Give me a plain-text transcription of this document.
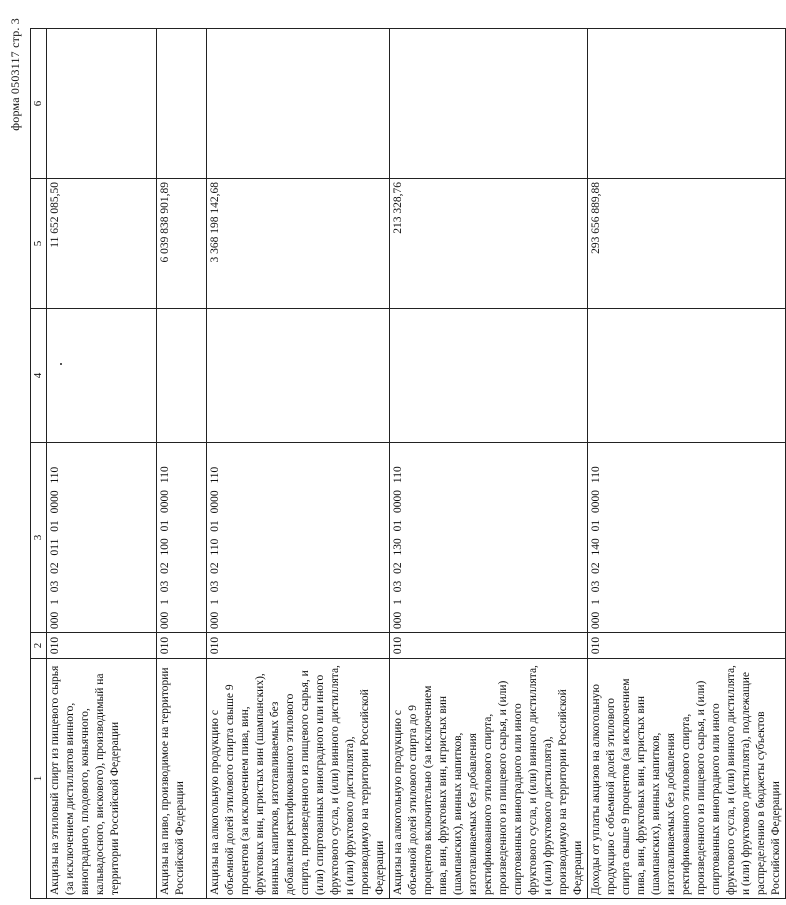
форма 0503117 стр. 3
1	2	3	4	5	6
Акцизы на этиловый спирт из пищевого сырья (за исключением дистиллятов винного, виноградного, плодового, коньячного, кальвадосного, вискового), производимый на территории Российской Федерации	010	000 1 03 02 011 01 0000 110		11 652 085,50	
Акцизы на пиво, производимое на территории Российской Федерации	010	000 1 03 02 100 01 0000 110		6 039 838 901,89	
Акцизы на алкогольную продукцию с объемной долей этилового спирта свыше 9 процентов (за исключением пива, вин, фруктовых вин, игристых вин (шампанских), винных напитков, изготавливаемых без добавления ректификованного этилового спирта, произведенного из пищевого сырья, и (или) спиртованных виноградного или иного фруктового сусла, и (или) винного дистиллята, и (или) фруктового дистиллята), производимую на территории Российской Федерации	010	000 1 03 02 110 01 0000 110		3 368 198 142,68	
Акцизы на алкогольную продукцию с объемной долей этилового спирта до 9 процентов включительно (за исключением пива, вин, фруктовых вин, игристых вин (шампанских), винных напитков, изготавливаемых без добавления ректификованного этилового спирта, произведенного из пищевого сырья, и (или) спиртованных виноградного или иного фруктового сусла, и (или) винного дистиллята, и (или) фруктового дистиллята), производимую на территории Российской Федерации	010	000 1 03 02 130 01 0000 110		213 328,76	
Доходы от уплаты акцизов на алкогольную продукцию с объемной долей этилового спирта свыше 9 процентов (за исключением пива, вин, фруктовых вин, игристых вин (шампанских), винных напитков, изготавливаемых без добавления ректификованного этилового спирта, произведенного из пищевого сырья, и (или) спиртованных виноградного или иного фруктового сусла, и (или) винного дистиллята, и (или) фруктового дистиллята), подлежащие распределению в бюджеты субъектов Российской Федерации	010	000 1 03 02 140 01 0000 110		293 656 889,88	
